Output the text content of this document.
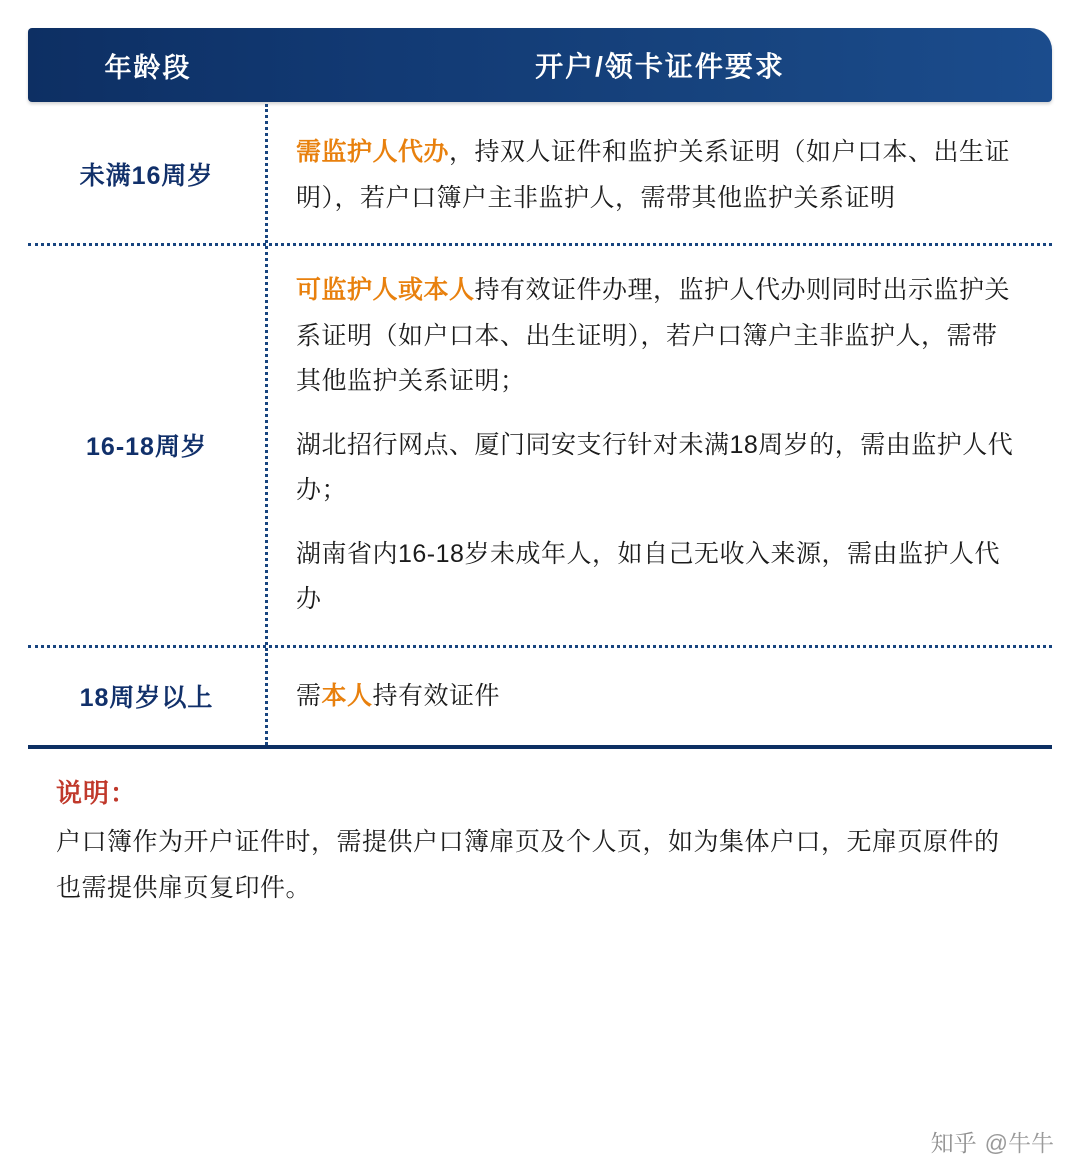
年龄段	开户/领卡证件要求
未满16周岁

需监护人代办，持双人证件和监护关系证明（如户口本、出生证明），若户口簿户主非监护人，需带其他监护关系证明

16-18周岁

可监护人或本人持有效证件办理，监护人代办则同时出示监护关系证明（如户口本、出生证明），若户口簿户主非监护人，需带其他监护关系证明；

湖北招行网点、厦门同安支行针对未满18周岁的，需由监护人代办；

湖南省内16-18岁未成年人，如自己无收入来源，需由监护人代办

18周岁以上	需本人持有效证件

说明：

户口簿作为开户证件时，需提供户口簿扉页及个人页，如为集体户口，无扉页原件的也需提供扉页复印件。

知乎 @牛牛
